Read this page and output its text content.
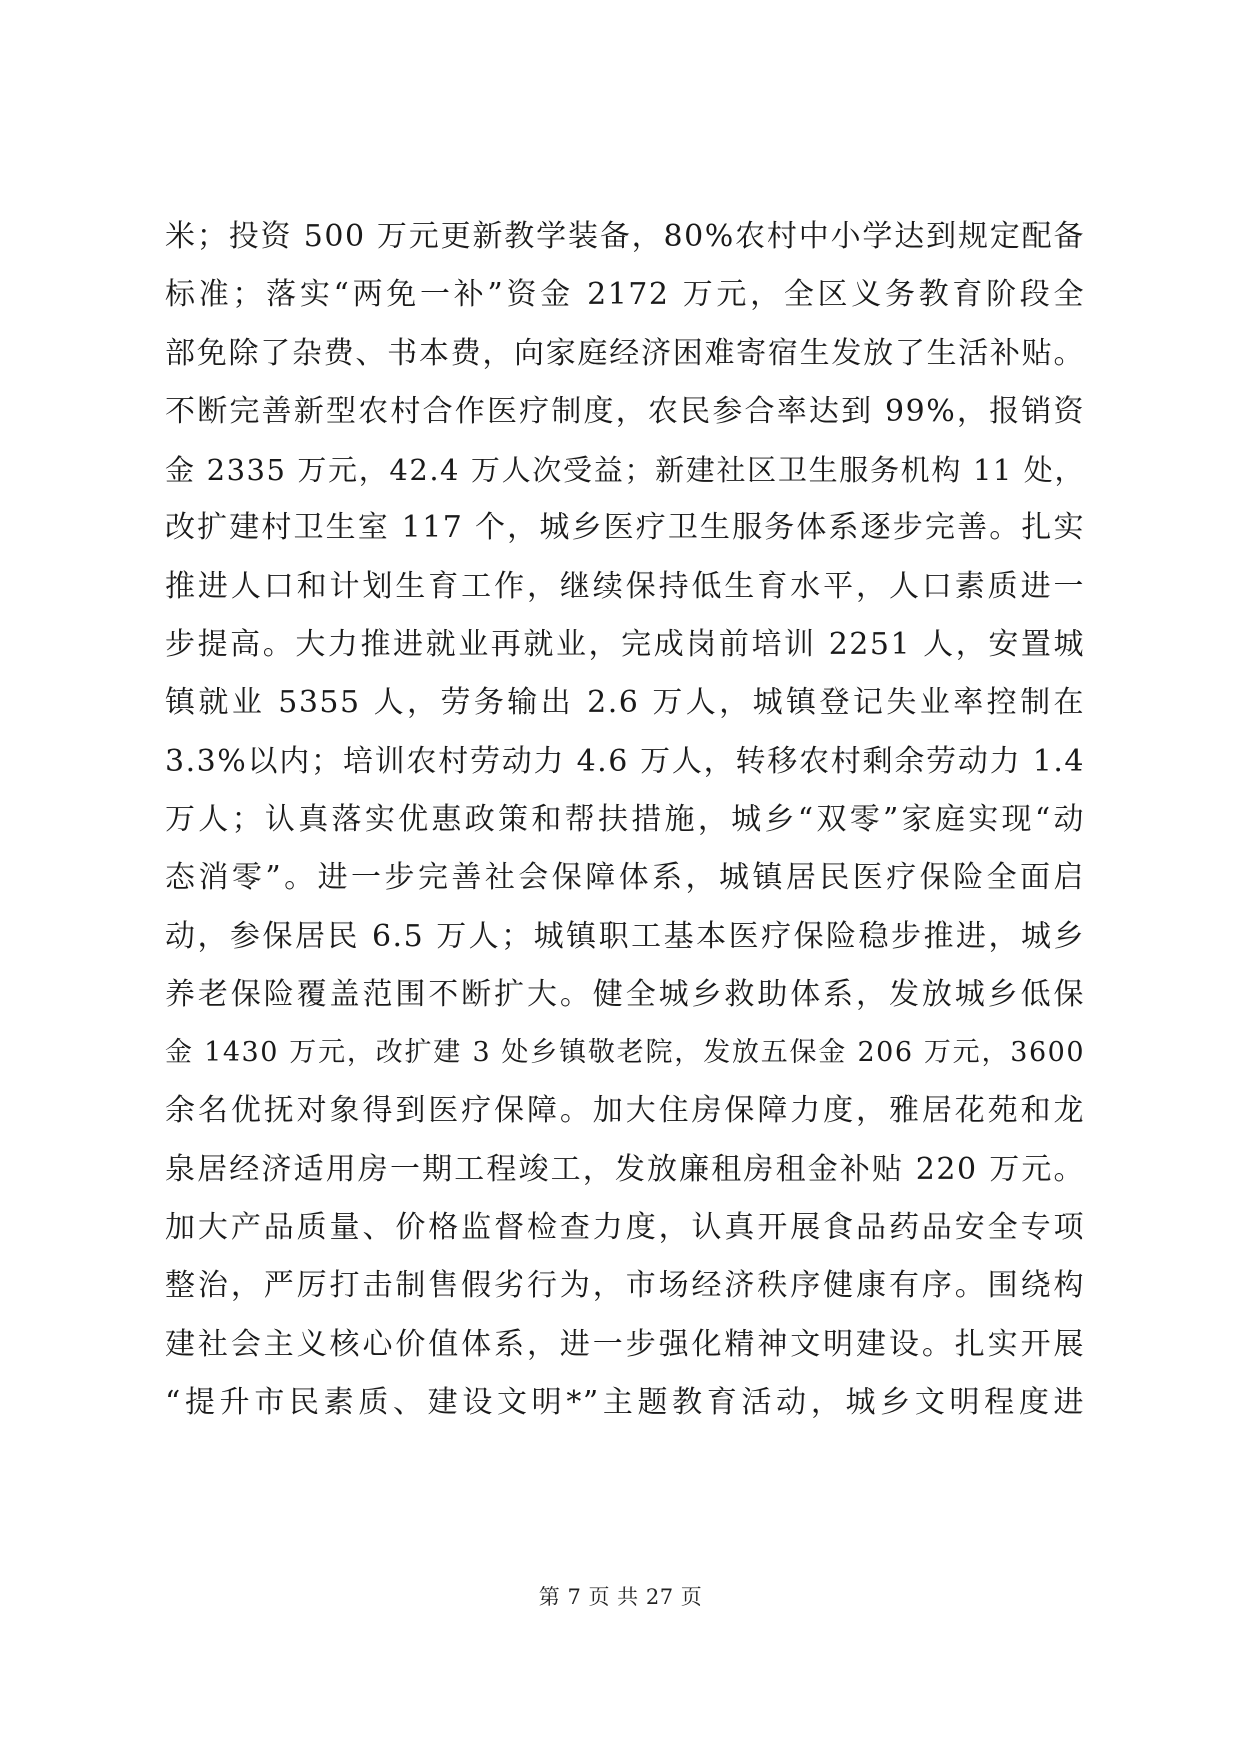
米；投资 500 万元更新教学装备，80%农村中小学达到规定配备
标准；落实“两免一补”资金 2172 万元，全区义务教育阶段全
部免除了杂费、书本费，向家庭经济困难寄宿生发放了生活补贴。
不断完善新型农村合作医疗制度，农民参合率达到 99%，报销资
金 2335 万元，42.4 万人次受益；新建社区卫生服务机构 11 处，
改扩建村卫生室 117 个，城乡医疗卫生服务体系逐步完善。扎实
推进人口和计划生育工作，继续保持低生育水平，人口素质进一
步提高。大力推进就业再就业，完成岗前培训 2251 人，安置城
镇就业 5355 人，劳务输出 2.6 万人，城镇登记失业率控制在
3.3%以内；培训农村劳动力 4.6 万人，转移农村剩余劳动力 1.4
万人；认真落实优惠政策和帮扶措施，城乡“双零”家庭实现“动
态消零”。进一步完善社会保障体系，城镇居民医疗保险全面启
动，参保居民 6.5 万人；城镇职工基本医疗保险稳步推进，城乡
养老保险覆盖范围不断扩大。健全城乡救助体系，发放城乡低保
金 1430 万元，改扩建 3 处乡镇敬老院，发放五保金 206 万元，3600
余名优抚对象得到医疗保障。加大住房保障力度，雅居花苑和龙
泉居经济适用房一期工程竣工，发放廉租房租金补贴 220 万元。
加大产品质量、价格监督检查力度，认真开展食品药品安全专项
整治，严厉打击制售假劣行为，市场经济秩序健康有序。围绕构
建社会主义核心价值体系，进一步强化精神文明建设。扎实开展
“提升市民素质、建设文明*”主题教育活动，城乡文明程度进
第 7 页 共 27 页
